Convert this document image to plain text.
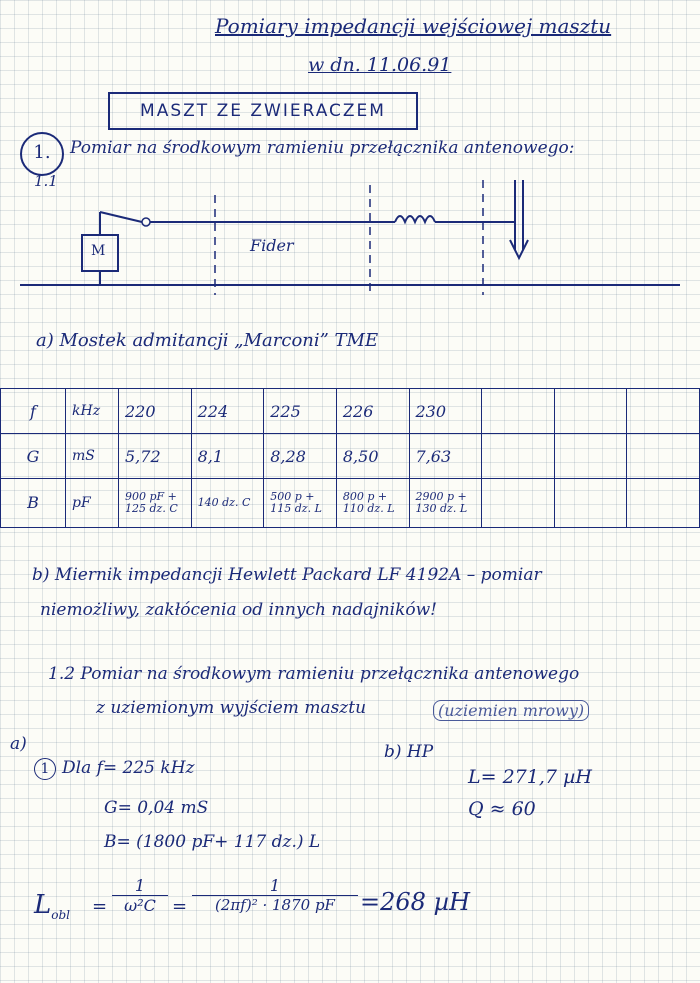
Pomiary impedancji wejściowej masztu
w dn. 11.06.91
MASZT ZE ZWIERACZEM
1.	Pomiar na środkowym ramieniu przełącznika antenowego:
1.1
M	Fider
a) Mostek admitancji „Marconi” TME
f	kHz	220	224	225	226	230			
G	mS	5,72	8,1	8,28	8,50	7,63			
B	pF	900 pF + 125 dz. C	140 dz. C	500 p + 115 dz. L	800 p + 110 dz. L	2900 p + 130 dz. L			
b) Miernik impedancji Hewlett Packard LF 4192A – pomiar
niemożliwy, zakłócenia od innych nadajników!
1.2 Pomiar na środkowym ramieniu przełącznika antenowego
z uziemionym wyjściem masztu	(uziemien mrowy)
a)
1 Dla f= 225 kHz
G= 0,04 mS
B= (1800 pF+ 117 dz.) L
b) HP
L= 271,7 µH
Q ≈ 60
$L_{obl} = \frac{1}{\text{ω²C}} = \frac{1}{\text{(2πf)² · 1870 pF}} =268$ µH
